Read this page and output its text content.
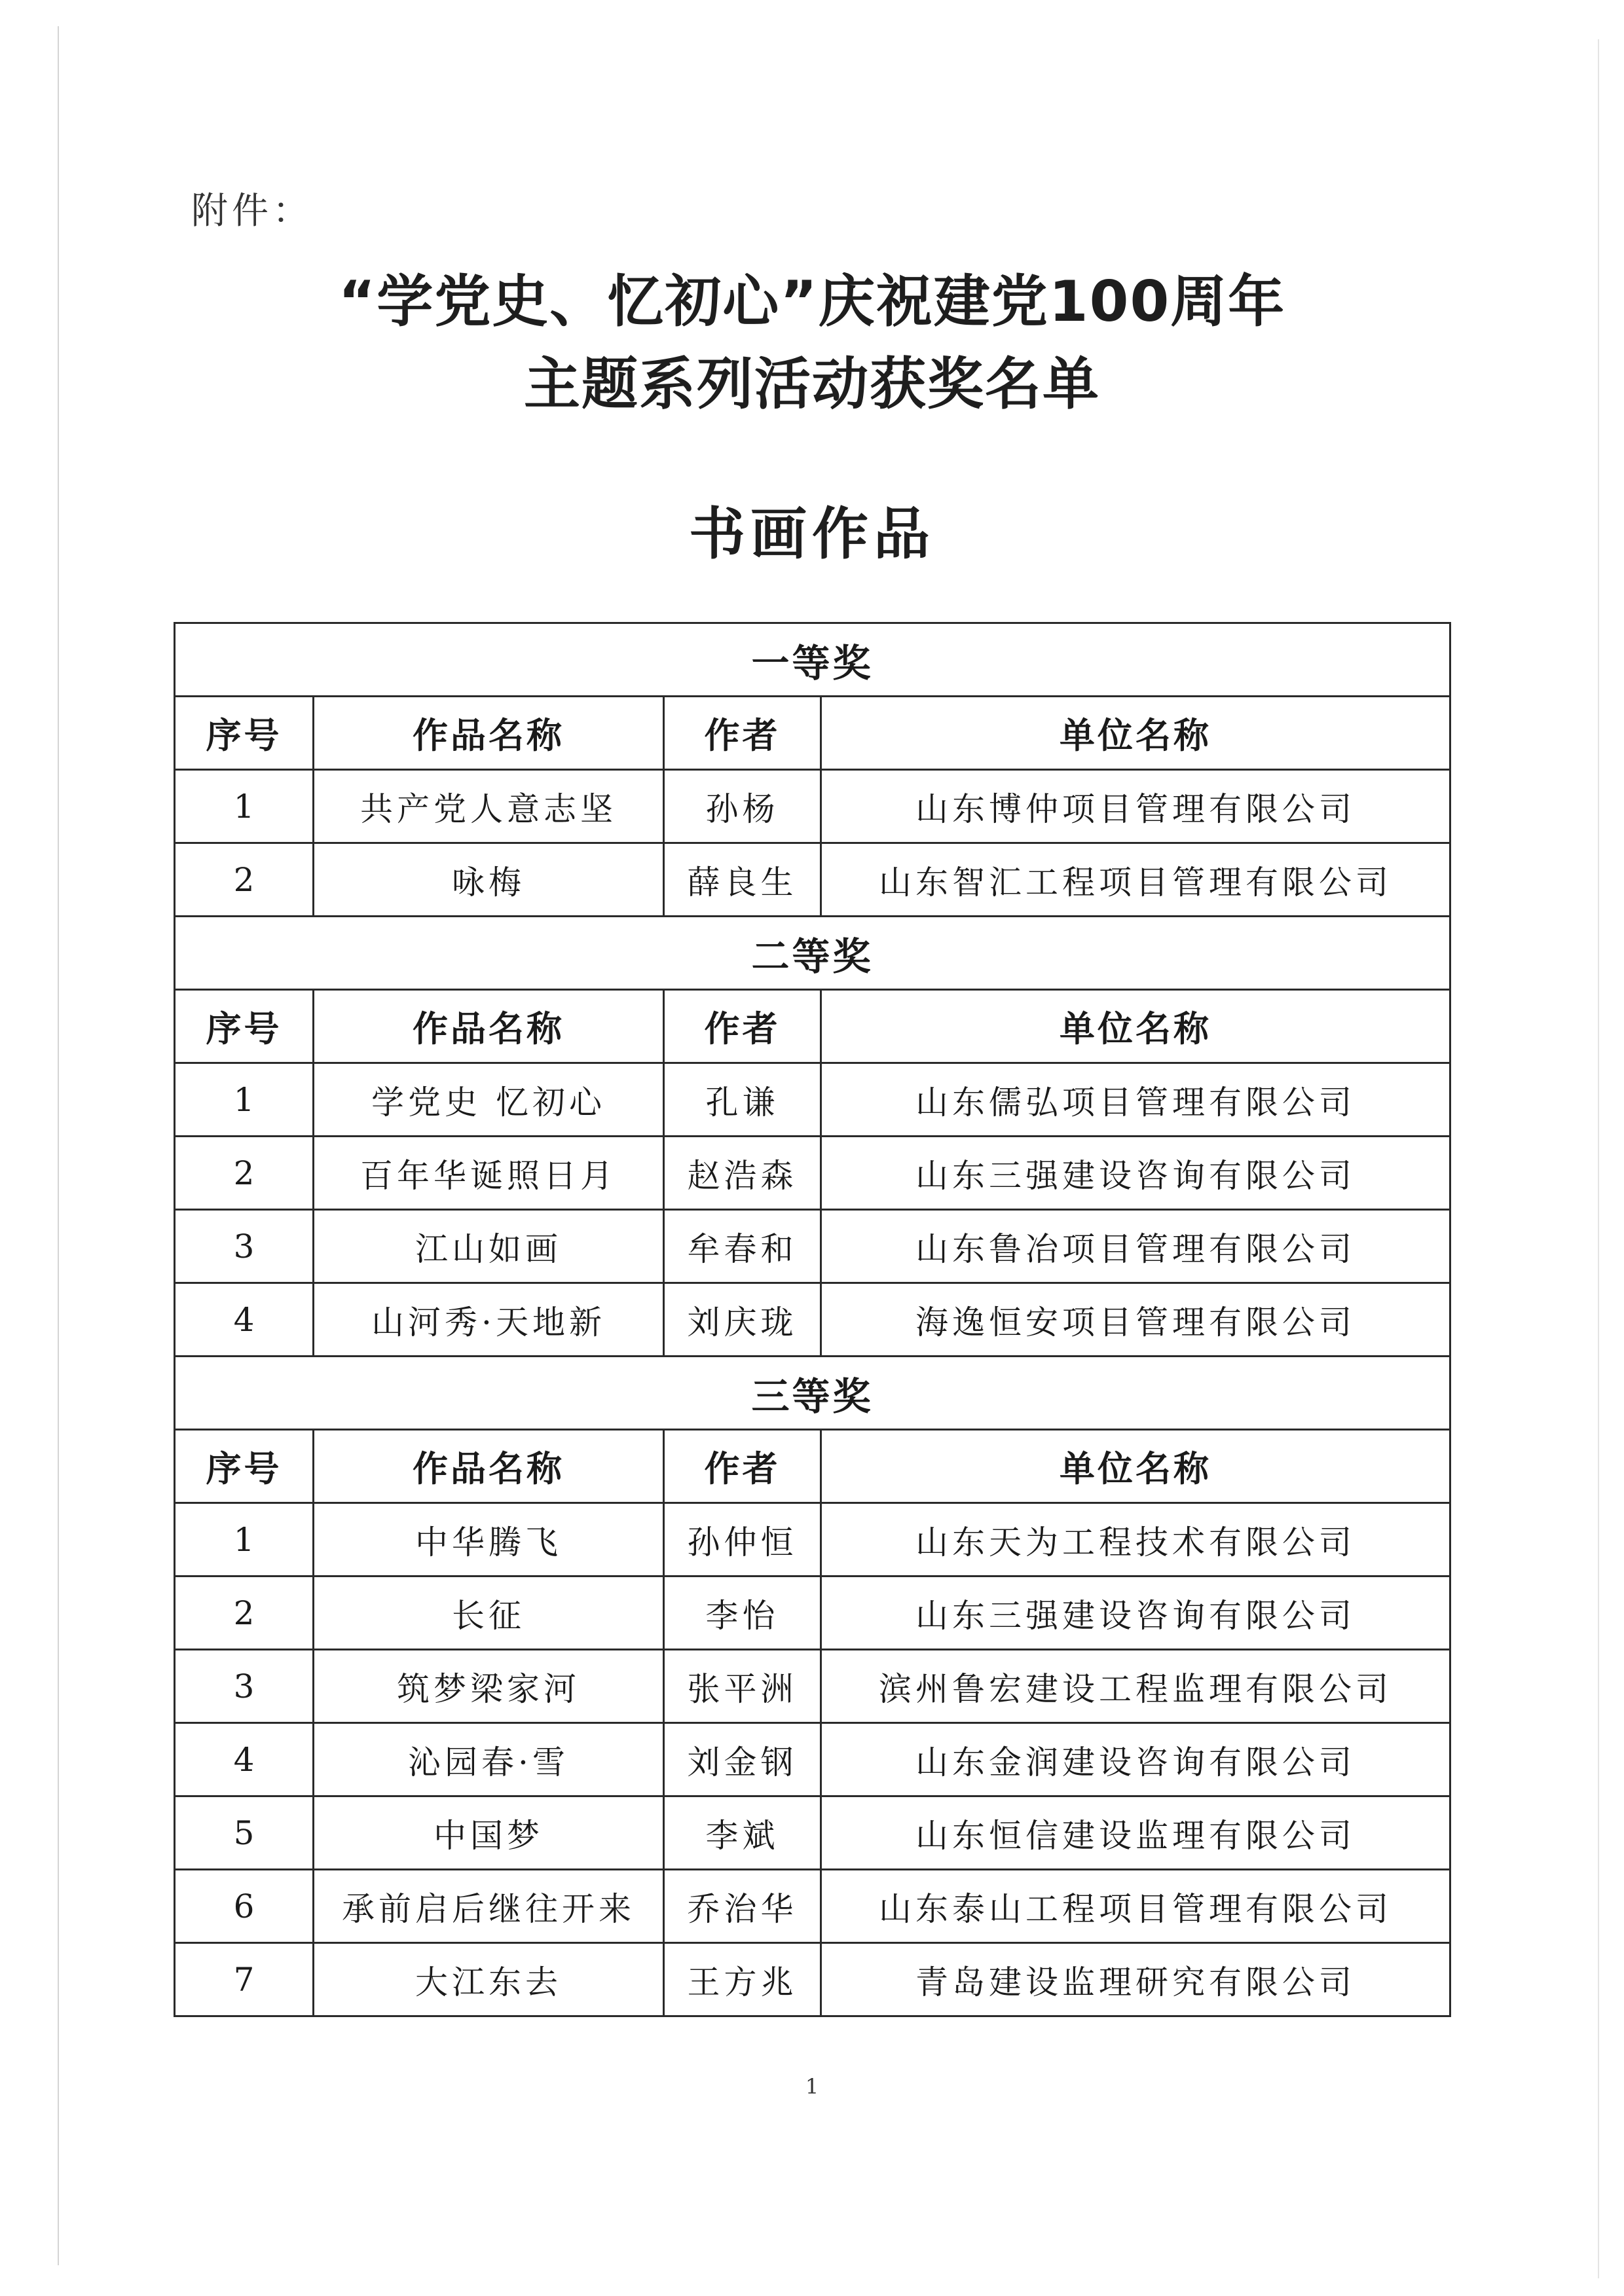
附件：
“学党史、忆初心”庆祝建党100周年
主题系列活动获奖名单
书画作品
一等奖			
序号	作品名称	作者	单位名称
1	共产党人意志坚	孙杨	山东博仲项目管理有限公司
2	咏梅	薛良生	山东智汇工程项目管理有限公司
二等奖			
序号	作品名称	作者	单位名称
1	学党史 忆初心	孔谦	山东儒弘项目管理有限公司
2	百年华诞照日月	赵浩森	山东三强建设咨询有限公司
3	江山如画	牟春和	山东鲁冶项目管理有限公司
4	山河秀·天地新	刘庆珑	海逸恒安项目管理有限公司
三等奖			
序号	作品名称	作者	单位名称
1	中华腾飞	孙仲恒	山东天为工程技术有限公司
2	长征	李怡	山东三强建设咨询有限公司
3	筑梦梁家河	张平洲	滨州鲁宏建设工程监理有限公司
4	沁园春·雪	刘金钢	山东金润建设咨询有限公司
5	中国梦	李斌	山东恒信建设监理有限公司
6	承前启后继往开来	乔治华	山东泰山工程项目管理有限公司
7	大江东去	王方兆	青岛建设监理研究有限公司
1
